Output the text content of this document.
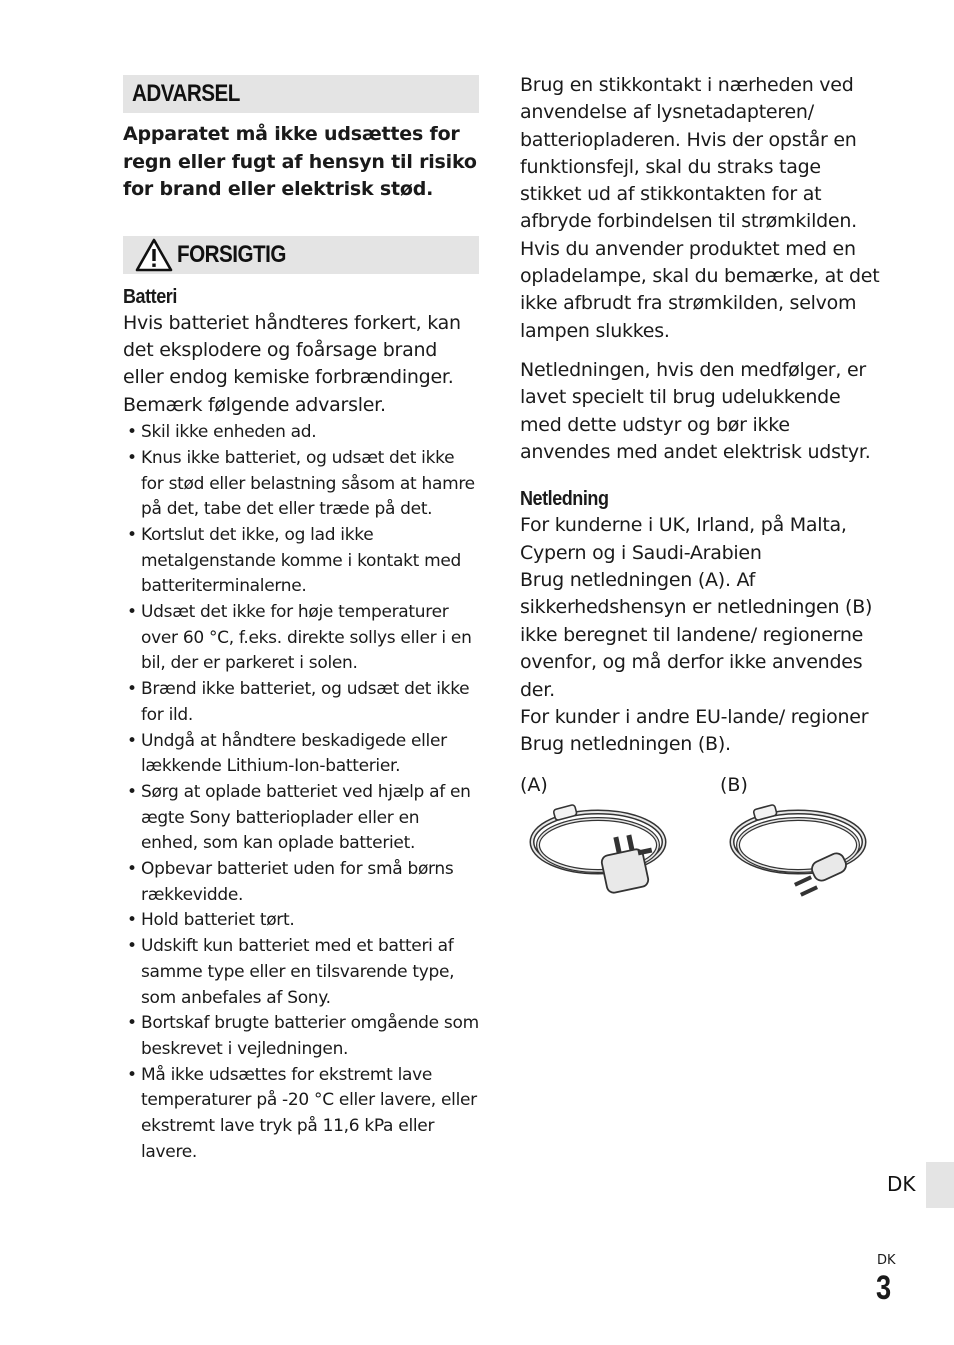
ADVARSEL
Apparatet må ikke udsættes for regn eller fugt af hensyn til risiko for brand eller elektrisk stød.
FORSIGTIG
Batteri
Hvis batteriet håndteres forkert, kan det eksplodere og foårsage brand eller endog kemiske forbrændinger. Bemærk følgende advarsler.
• Skil ikke enheden ad.
• Knus ikke batteriet, og udsæt det ikke for stød eller belastning såsom at hamre på det, tabe det eller træde på det.
• Kortslut det ikke, og lad ikke metalgenstande komme i kontakt med batteriterminalerne.
• Udsæt det ikke for høje temperaturer over 60 °C, f.eks. direkte sollys eller i en bil, der er parkeret i solen.
• Brænd ikke batteriet, og udsæt det ikke for ild.
• Undgå at håndtere beskadigede eller lækkende Lithium-Ion-batterier.
• Sørg at oplade batteriet ved hjælp af en ægte Sony batterioplader eller en enhed, som kan oplade batteriet.
• Opbevar batteriet uden for små børns rækkevidde.
• Hold batteriet tørt.
• Udskift kun batteriet med et batteri af samme type eller en tilsvarende type, som anbefales af Sony.
• Bortskaf brugte batterier omgående som beskrevet i vejledningen.
• Må ikke udsættes for ekstremt lave temperaturer på -20 °C eller lavere, eller ekstremt lave tryk på 11,6 kPa eller lavere.
Brug en stikkontakt i nærheden ved anvendelse af lysnetadapteren/ batteriopladeren. Hvis der opstår en funktionsfejl, skal du straks tage stikket ud af stikkontakten for at afbryde forbindelsen til strømkilden. Hvis du anvender produktet med en opladelampe, skal du bemærke, at det ikke afbrudt fra strømkilden, selvom lampen slukkes.
Netledningen, hvis den medfølger, er lavet specielt til brug udelukkende med dette udstyr og bør ikke anvendes med andet elektrisk udstyr.
Netledning
For kunderne i UK, Irland, på Malta, Cypern og i Saudi-Arabien
Brug netledningen (A). Af sikkerhedshensyn er netledningen (B) ikke beregnet til landene/ regionerne ovenfor, og må derfor ikke anvendes der.
For kunder i andre EU-lande/ regioner
Brug netledningen (B).
(A)	(B)
DK
DK
3
